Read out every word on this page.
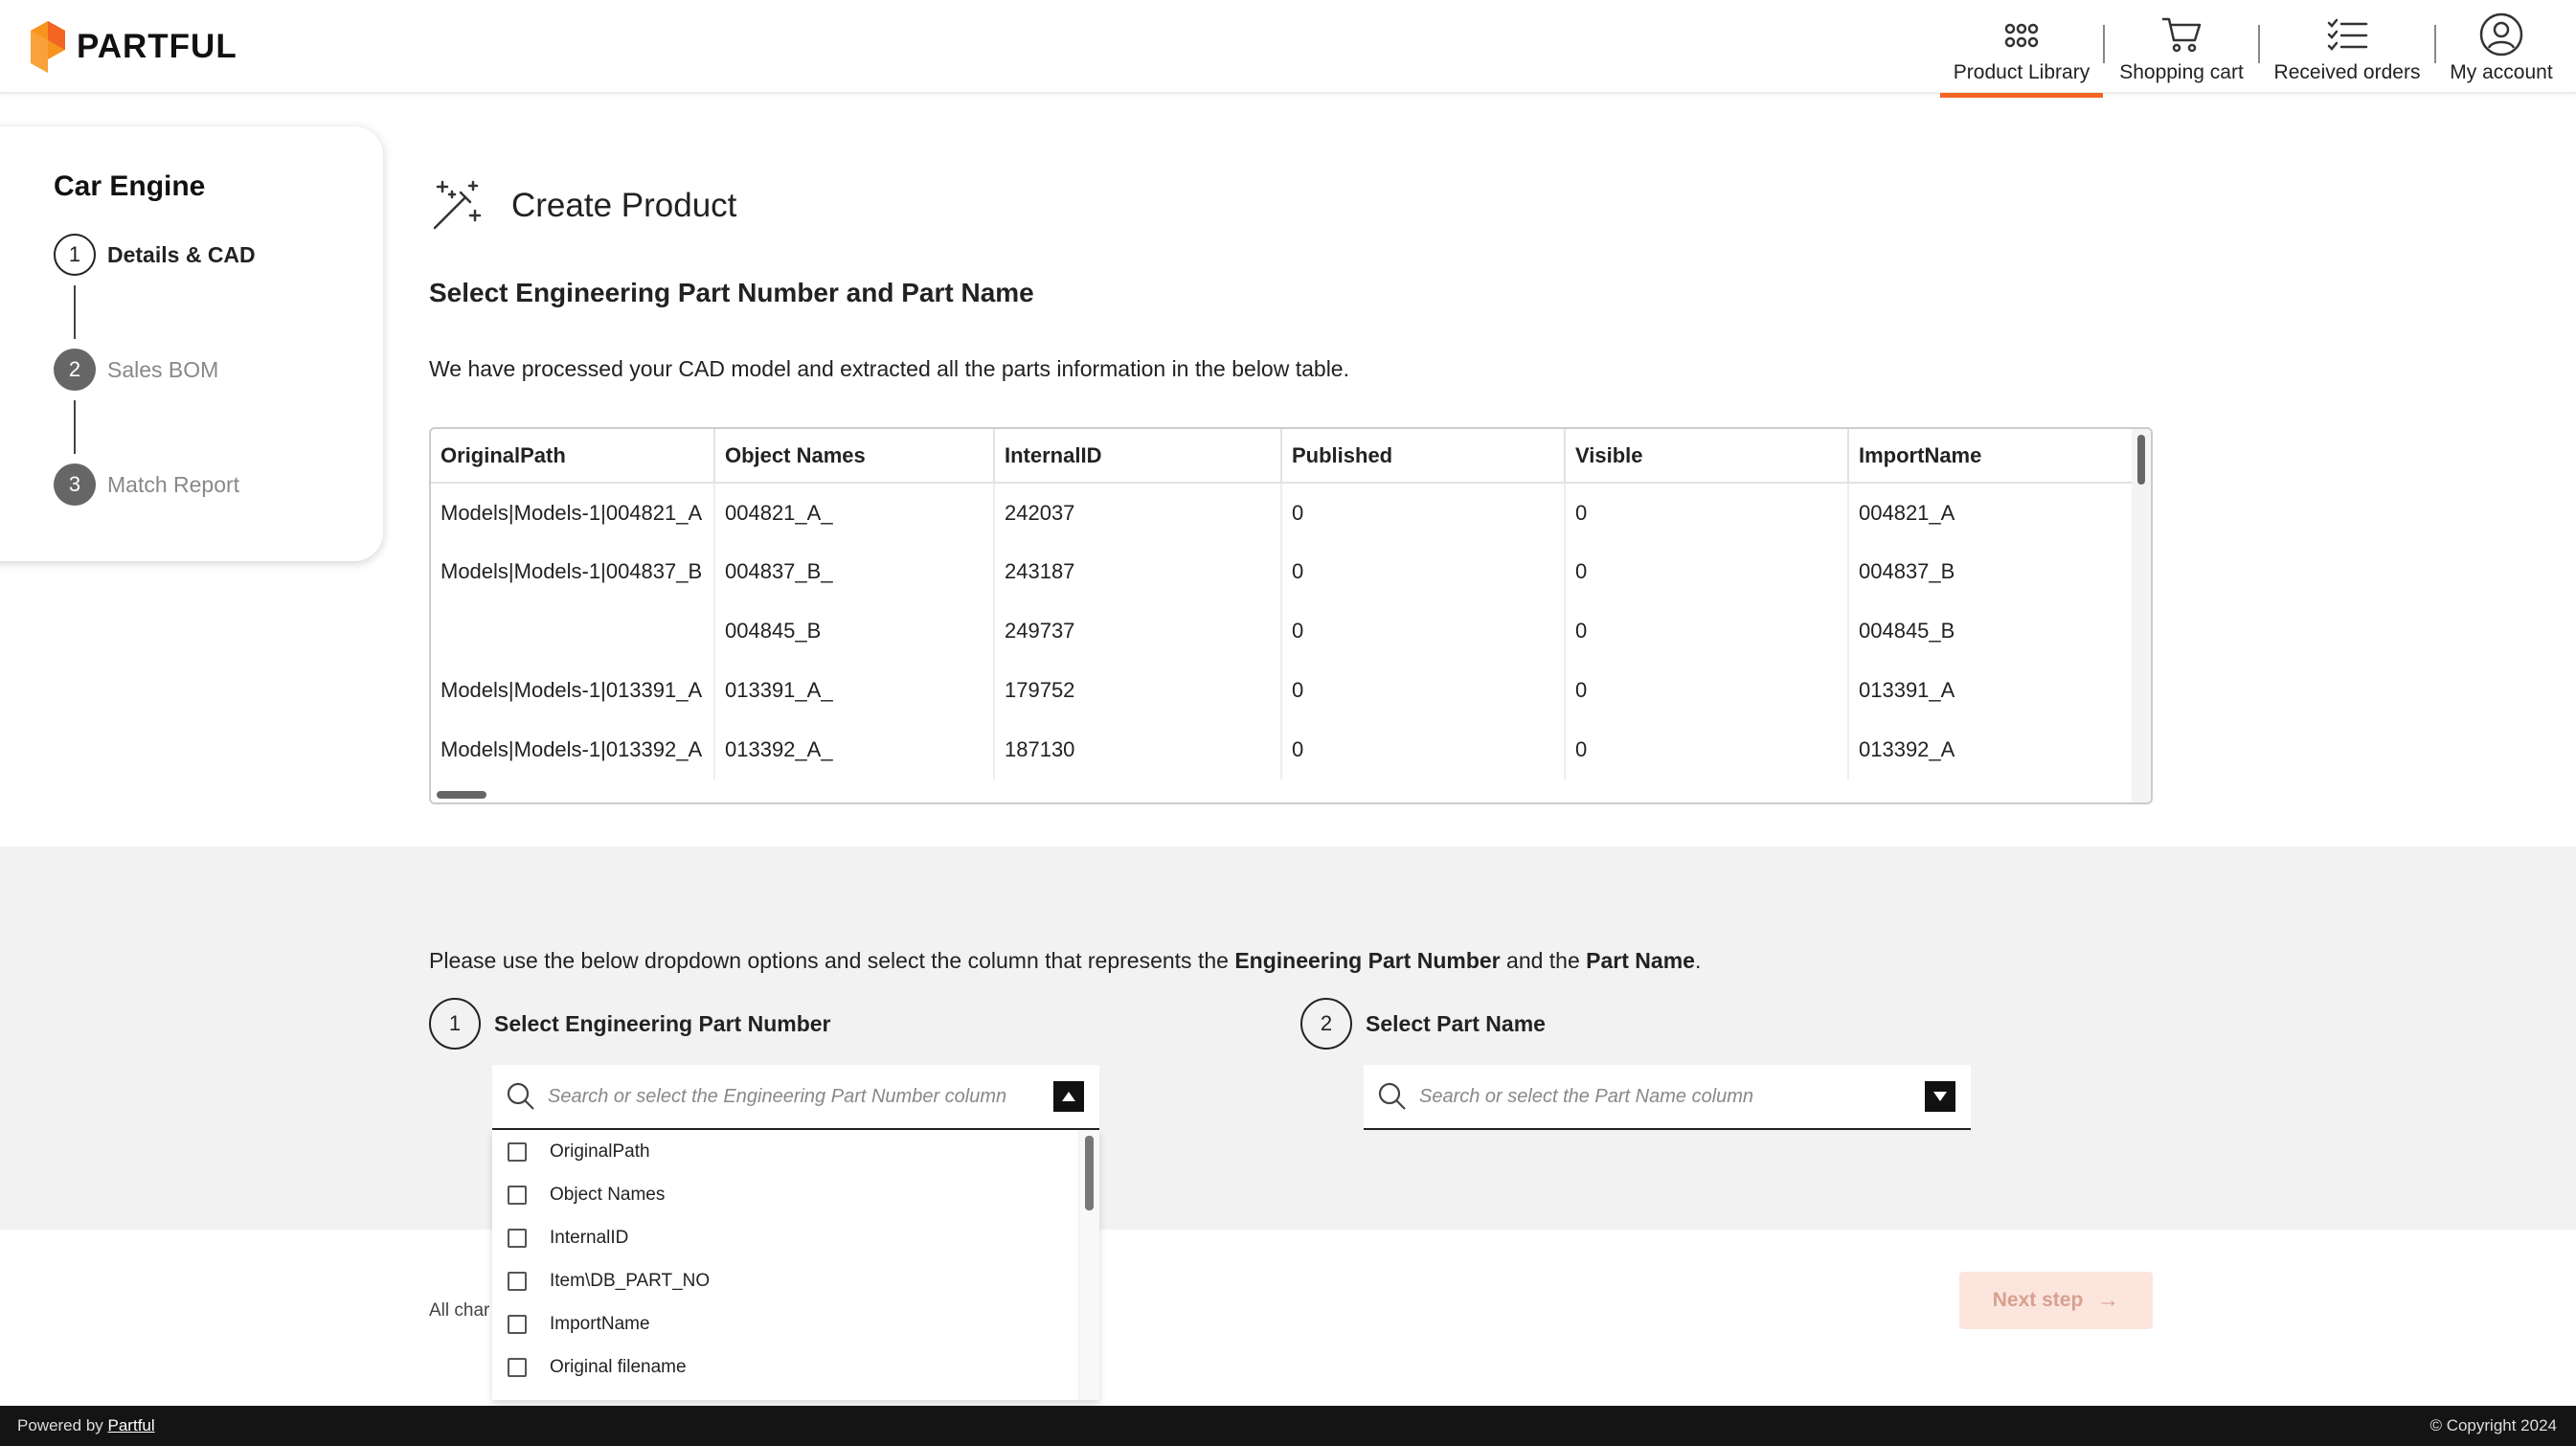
PARTFUL
Product Library Shopping cart Received orders My account
Car Engine
1	Details & CAD
2	Sales BOM
3	Match Report
Create Product
Select Engineering Part Number and Part Name
We have processed your CAD model and extracted all the parts information in the below table.
OriginalPath	Object Names	InternalID	Published	Visible	ImportName
Models|Models-1|004821_A	004821_A_	242037	0	0	004821_A
Models|Models-1|004837_B	004837_B_	243187	0	0	004837_B
	004845_B	249737	0	0	004845_B
Models|Models-1|013391_A	013391_A_	179752	0	0	013391_A
Models|Models-1|013392_A	013392_A_	187130	0	0	013392_A
Please use the below dropdown options and select the column that represents the Engineering Part Number and the Part Name.
1	Select Engineering Part Number	2	Select Part Name
Search or select the Engineering Part Number column
OriginalPath
Object Names
InternalID
Item\DB_PART_NO
ImportName
Original filename
Search or select the Part Name column
All char	Next step →
Powered by Partful	© Copyright 2024
